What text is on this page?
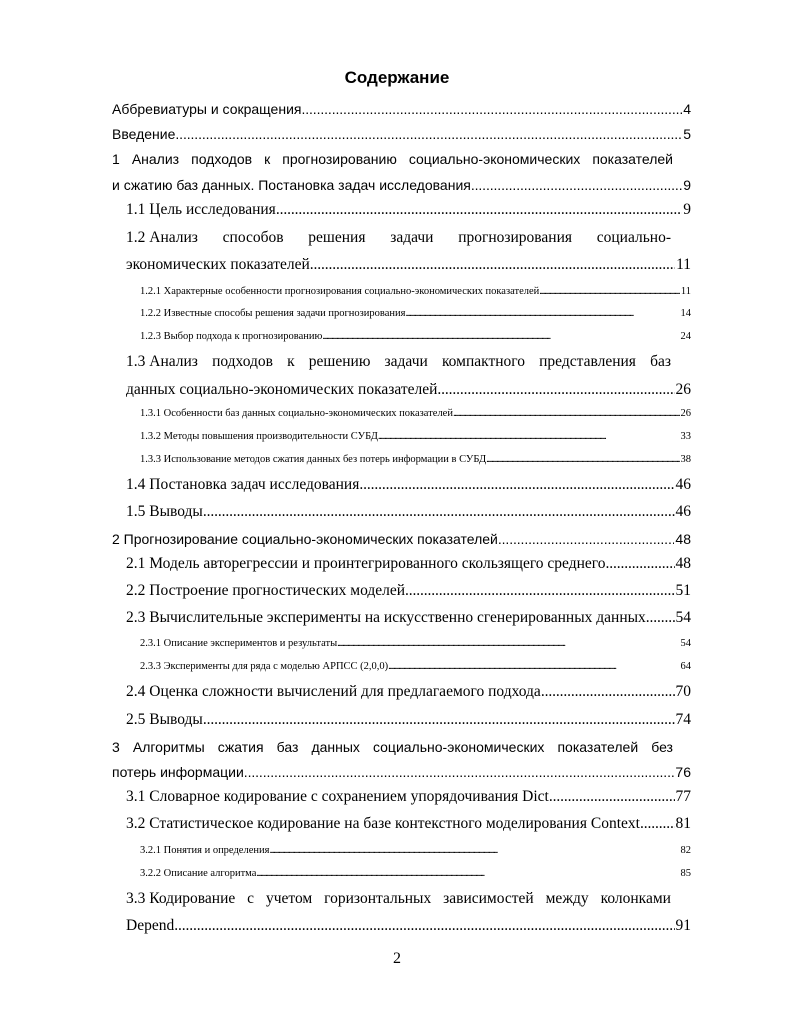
Содержание
Аббревиатуры и сокращения . . .	4
Введение . . .	5
1 Анализ подходов к прогнозированию социально-экономических показателей
и сжатию баз данных. Постановка задач исследования . . .	9
1.1 Цель исследования . . .	9
1.2 Анализ способов решения задачи прогнозирования социально-
экономических показателей . . .	11
1.2.1 Характерные особенности прогнозирования социально-экономических показателей . . .	11
1.2.2 Известные способы решения задачи прогнозирования . . .	14
1.2.3 Выбор подхода к прогнозированию . . .	24
1.3 Анализ подходов к решению задачи компактного представления баз
данных социально-экономических показателей . . .	26
1.3.1 Особенности баз данных социально-экономических показателей . . .	26
1.3.2 Методы повышения производительности СУБД . . .	33
1.3.3 Использование методов сжатия данных без потерь информации в СУБД . . .	38
1.4 Постановка задач исследования . . .	46
1.5 Выводы . . .	46
2 Прогнозирование социально-экономических показателей . . .	48
2.1 Модель авторегрессии и проинтегрированного скользящего среднего . . .	48
2.2 Построение прогностических моделей . . .	51
2.3 Вычислительные эксперименты на искусственно сгенерированных данных . . . 54
2.3.1 Описание экспериментов и результаты . . .	54
2.3.3 Эксперименты для ряда с моделью АРПСС (2,0,0) . . .	64
2.4 Оценка сложности вычислений для предлагаемого подхода . . .	70
2.5 Выводы . . .	74
3 Алгоритмы сжатия баз данных социально-экономических показателей без
потерь информации . . .	76
3.1 Словарное кодирование с сохранением упорядочивания Dict . . .	77
3.2 Статистическое кодирование на базе контекстного моделирования Context . . . 81
3.2.1 Понятия и определения . . .	82
3.2.2 Описание алгоритма . . .	85
3.3 Кодирование с учетом горизонтальных зависимостей между колонками
Depend . . .	91
2
